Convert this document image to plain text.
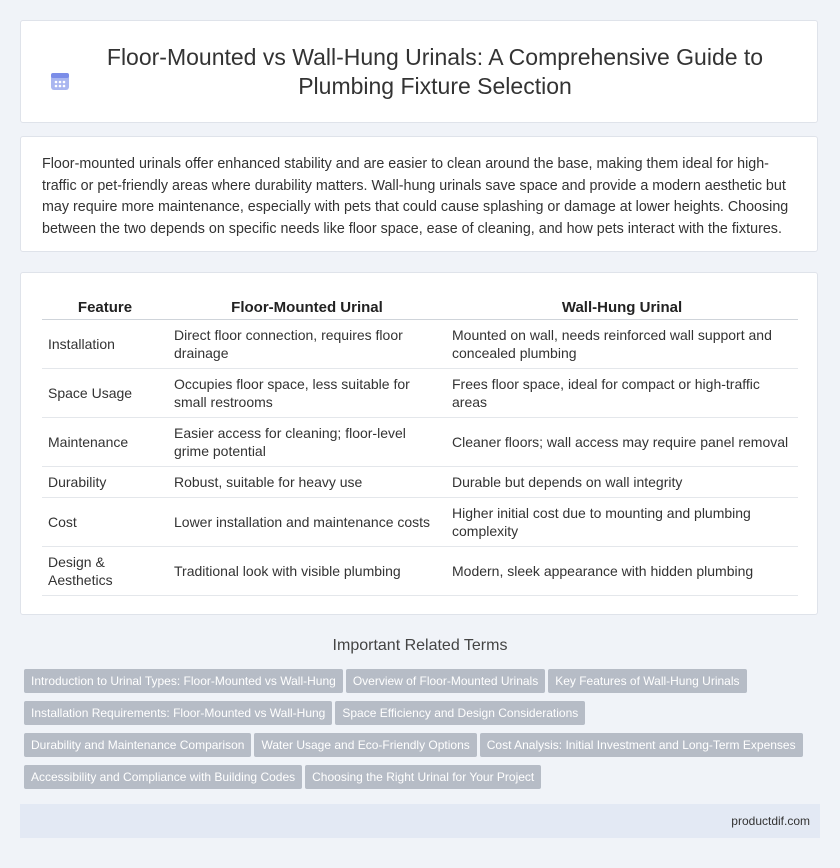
Floor-Mounted vs Wall-Hung Urinals: A Comprehensive Guide to Plumbing Fixture Selection

Floor-mounted urinals offer enhanced stability and are easier to clean around the base, making them ideal for high-traffic or pet-friendly areas where durability matters. Wall-hung urinals save space and provide a modern aesthetic but may require more maintenance, especially with pets that could cause splashing or damage at lower heights. Choosing between the two depends on specific needs like floor space, ease of cleaning, and how pets interact with the fixtures.

Feature	Floor-Mounted Urinal	Wall-Hung Urinal
Installation	Direct floor connection, requires floor drainage	Mounted on wall, needs reinforced wall support and concealed plumbing
Space Usage	Occupies floor space, less suitable for small restrooms	Frees floor space, ideal for compact or high-traffic areas
Maintenance	Easier access for cleaning; floor-level grime potential	Cleaner floors; wall access may require panel removal
Durability	Robust, suitable for heavy use	Durable but depends on wall integrity
Cost	Lower installation and maintenance costs	Higher initial cost due to mounting and plumbing complexity
Design & Aesthetics	Traditional look with visible plumbing	Modern, sleek appearance with hidden plumbing
Important Related Terms
Introduction to Urinal Types: Floor-Mounted vs Wall-Hung Overview of Floor-Mounted Urinals Key Features of Wall-Hung Urinals
Installation Requirements: Floor-Mounted vs Wall-Hung Space Efficiency and Design Considerations
Durability and Maintenance Comparison Water Usage and Eco-Friendly Options Cost Analysis: Initial Investment and Long-Term Expenses
Accessibility and Compliance with Building Codes Choosing the Right Urinal for Your Project
productdif.com
